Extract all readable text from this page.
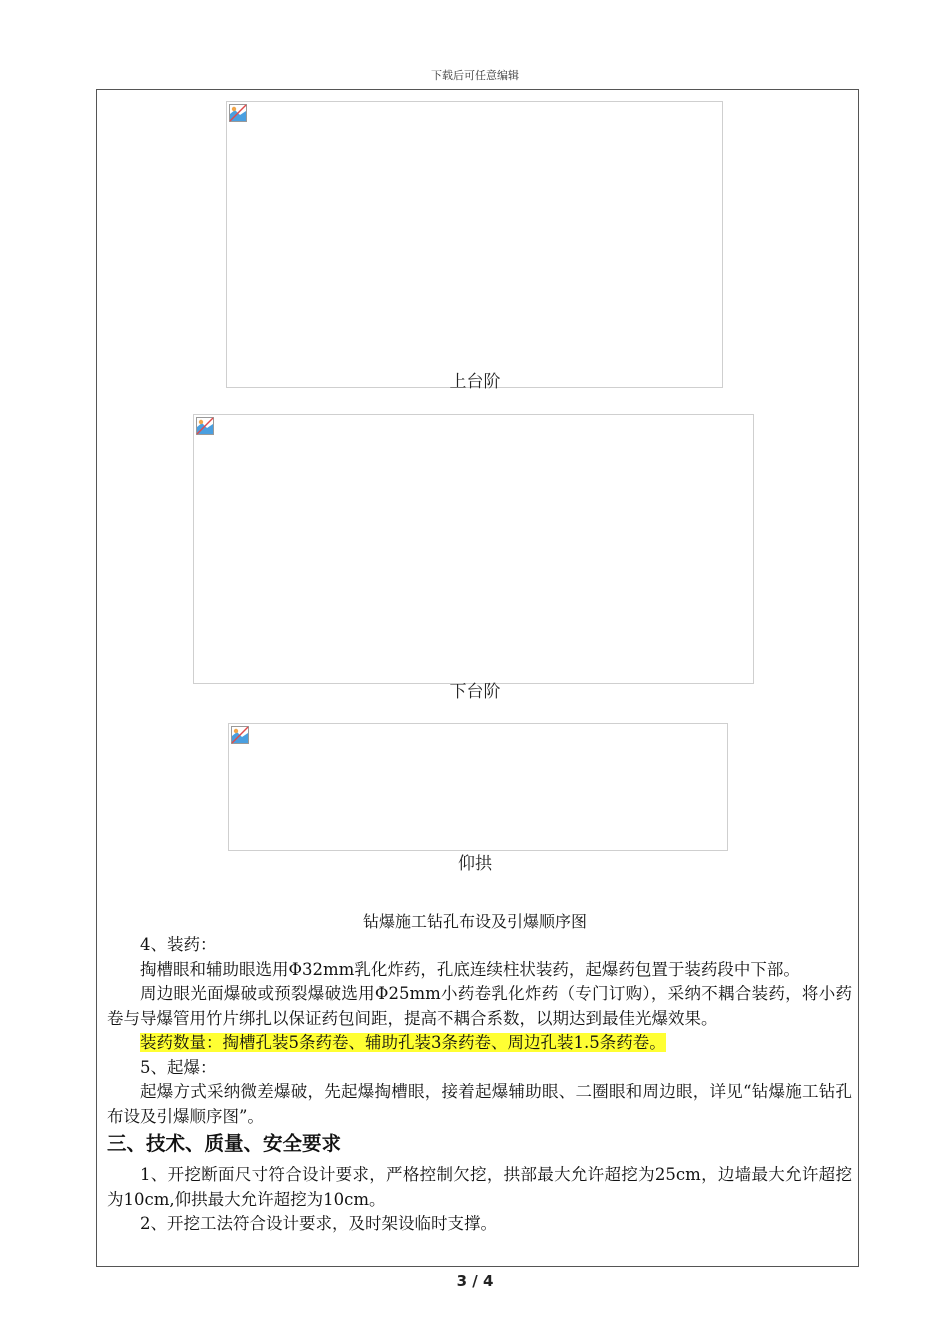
下载后可任意编辑
上台阶
下台阶
仰拱
钻爆施工钻孔布设及引爆顺序图

4、装药：

掏槽眼和辅助眼选用Φ32mm乳化炸药，孔底连续柱状装药，起爆药包置于装药段中下部。

周边眼光面爆破或预裂爆破选用Φ25mm小药卷乳化炸药（专门订购），采纳不耦合装药，将小药卷与导爆管用竹片绑扎以保证药包间距，提高不耦合系数，以期达到最佳光爆效果。

装药数量：掏槽孔装5条药卷、辅助孔装3条药卷、周边孔装1.5条药卷。

5、起爆：

起爆方式采纳微差爆破，先起爆掏槽眼，接着起爆辅助眼、二圈眼和周边眼，详见“钻爆施工钻孔布设及引爆顺序图”。

三、技术、质量、安全要求

1、开挖断面尺寸符合设计要求，严格控制欠挖，拱部最大允许超挖为25cm，边墙最大允许超挖为10cm,仰拱最大允许超挖为10cm。

2、开挖工法符合设计要求，及时架设临时支撑。

3 / 4
